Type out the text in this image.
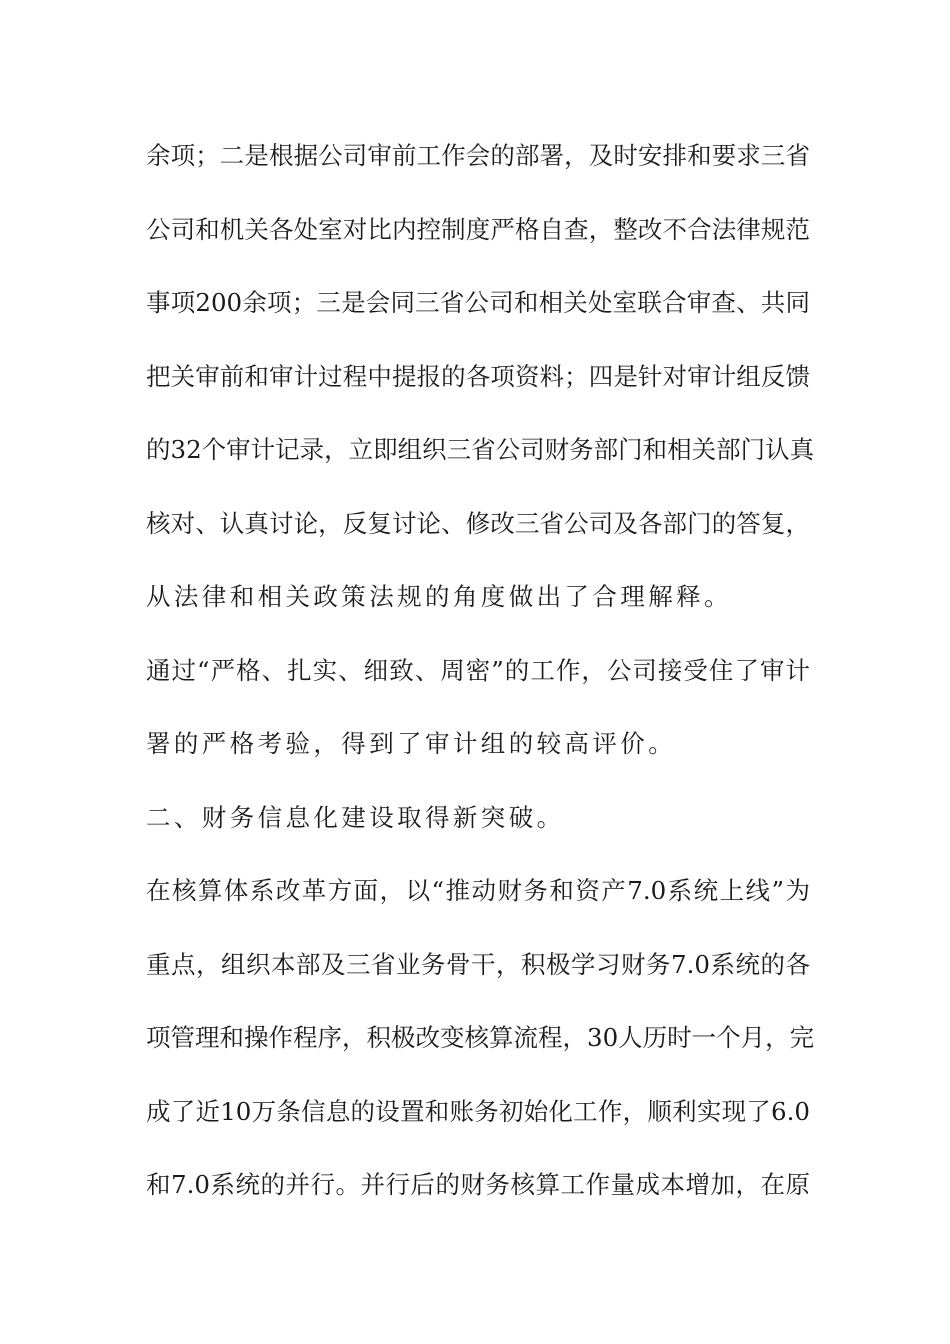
余项；二是根据公司审前工作会的部署，及时安排和要求三省
公司和机关各处室对比内控制度严格自查，整改不合法律规范
事项200余项；三是会同三省公司和相关处室联合审查、共同
把关审前和审计过程中提报的各项资料；四是针对审计组反馈
的32个审计记录，立即组织三省公司财务部门和相关部门认真
核对、认真讨论，反复讨论、修改三省公司及各部门的答复，
从法律和相关政策法规的角度做出了合理解释。
通过“严格、扎实、细致、周密”的工作，公司接受住了审计
署的严格考验，得到了审计组的较高评价。
二、财务信息化建设取得新突破。
在核算体系改革方面，以“推动财务和资产7.0系统上线”为
重点，组织本部及三省业务骨干，积极学习财务7.0系统的各
项管理和操作程序，积极改变核算流程，30人历时一个月，完
成了近10万条信息的设置和账务初始化工作，顺利实现了6.0
和7.0系统的并行。并行后的财务核算工作量成本增加，在原
